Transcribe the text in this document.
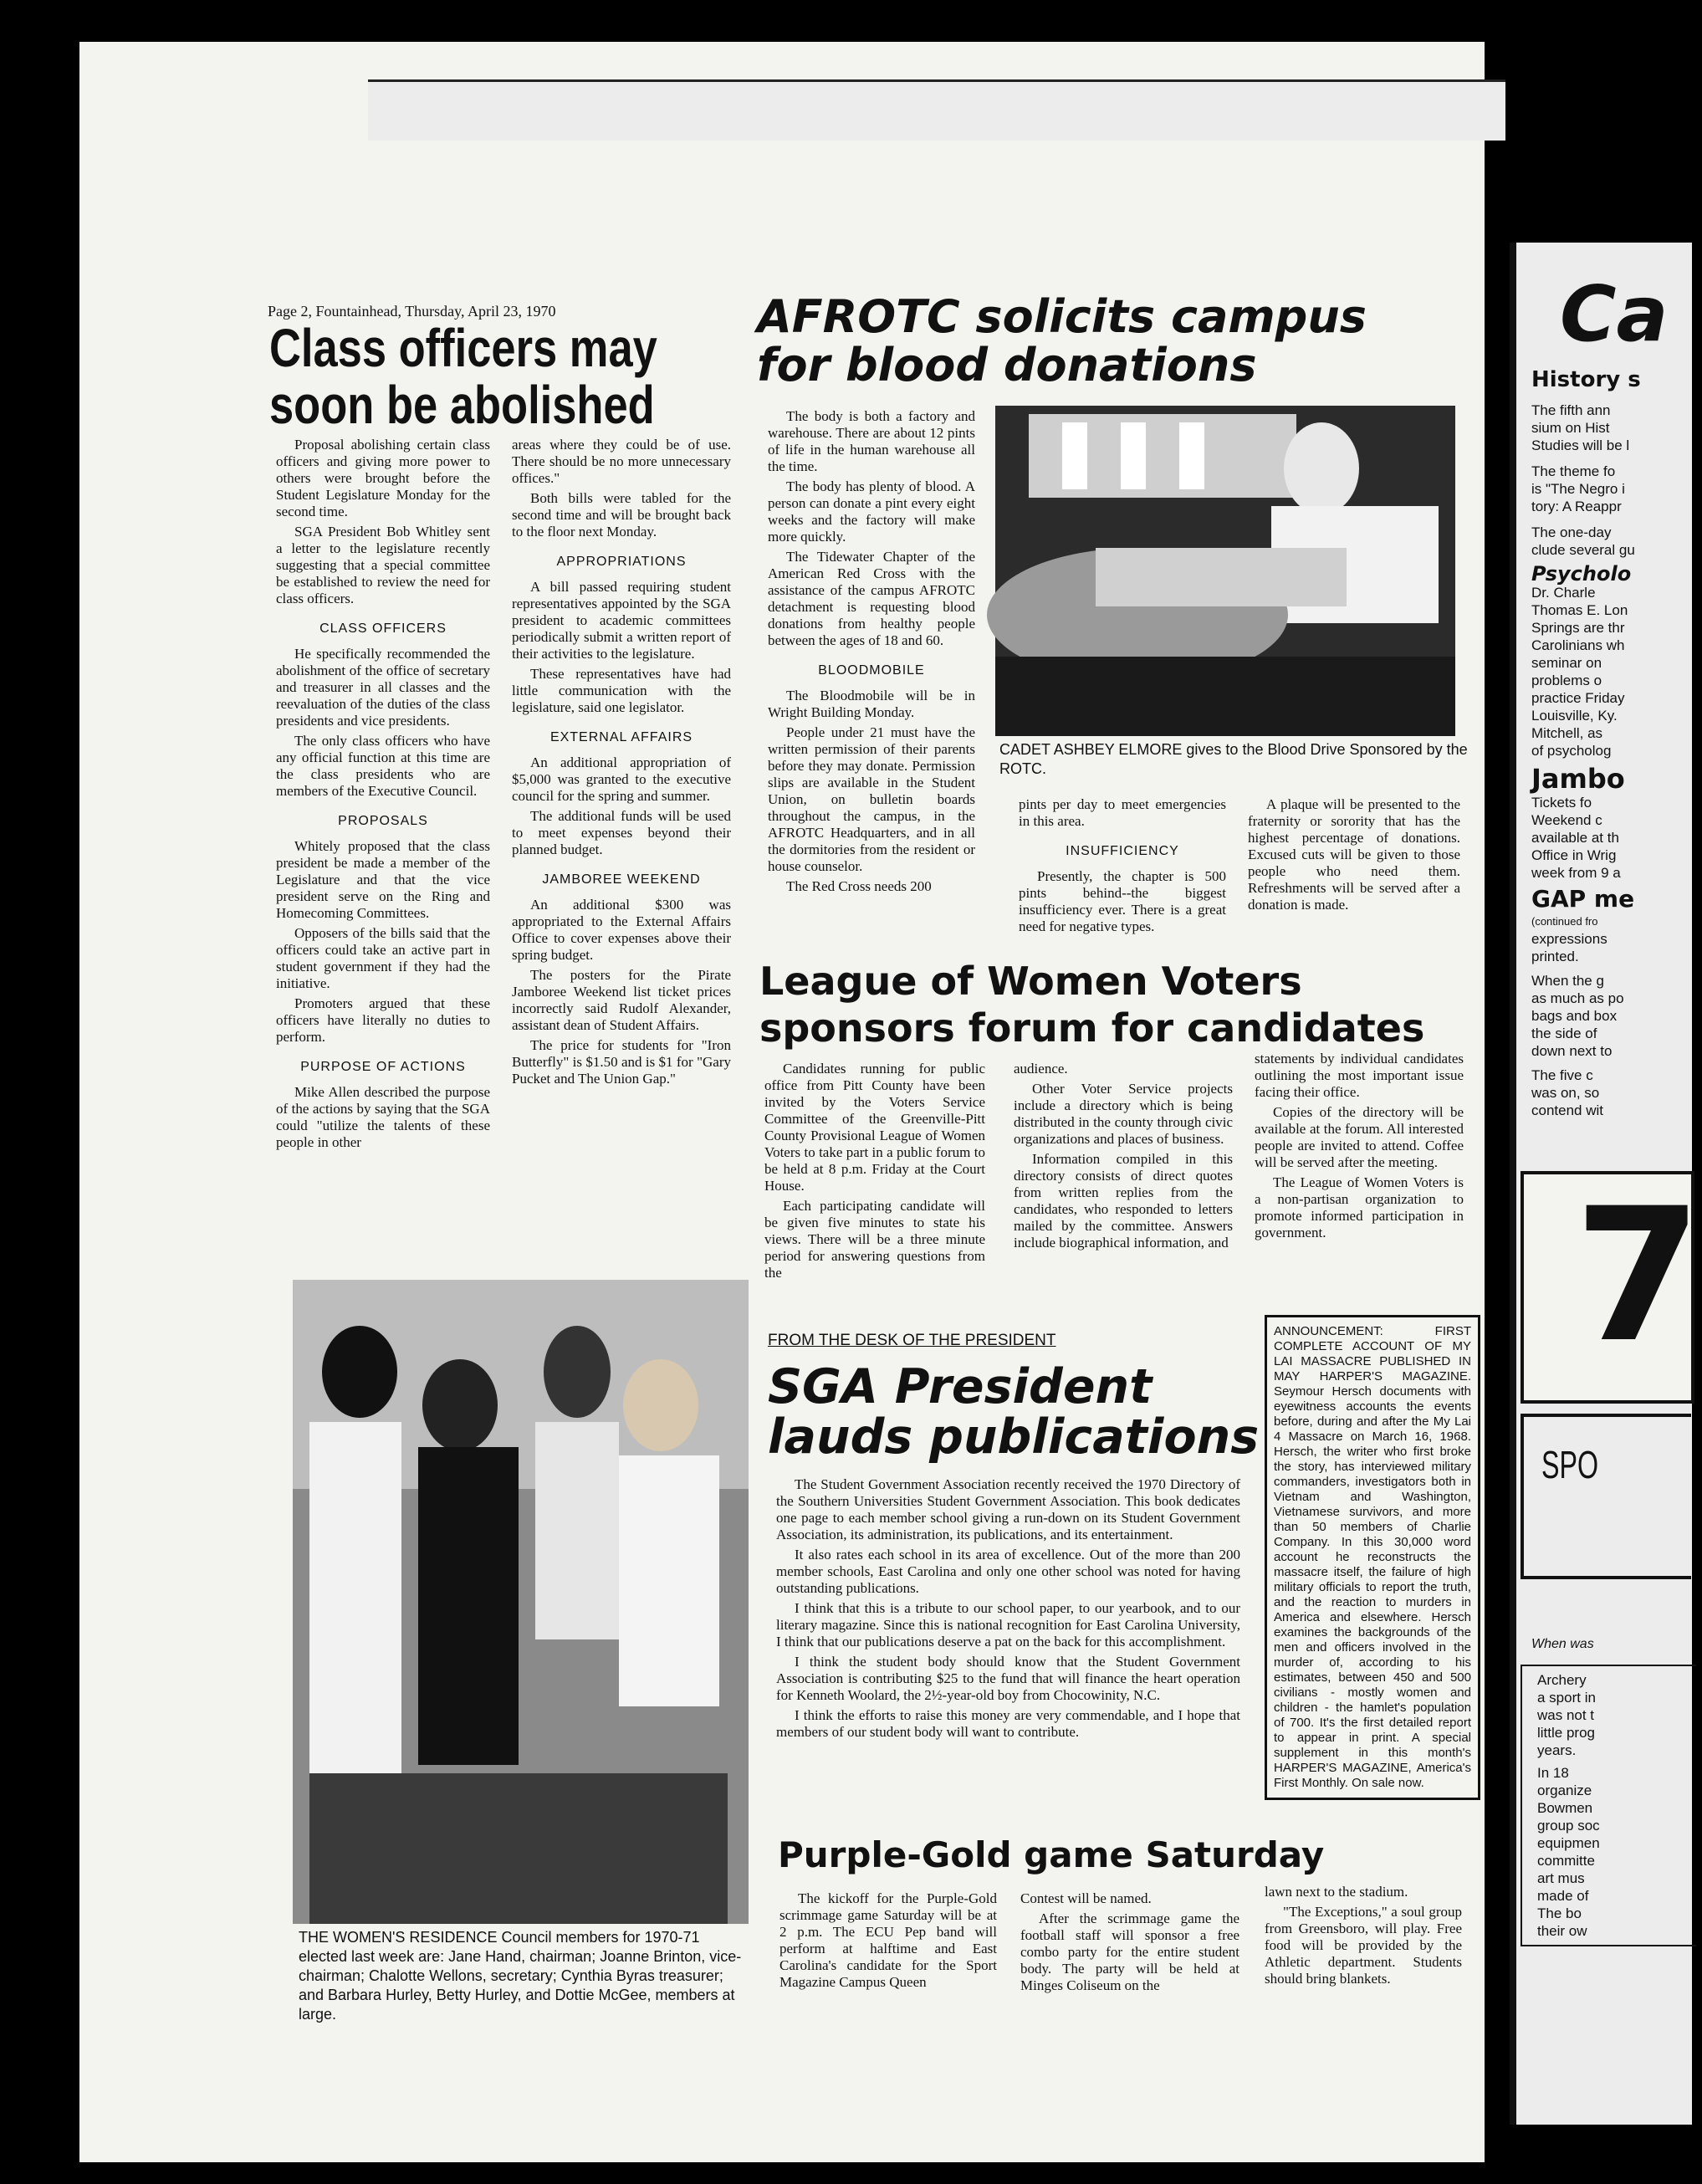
Page 2, Fountainhead, Thursday, April 23, 1970
Class officers may soon be abolished

Proposal abolishing certain class officers and giving more power to others were brought before the Student Legislature Monday for the second time.

SGA President Bob Whitley sent a letter to the legislature recently suggesting that a special committee be established to review the need for class officers.

CLASS OFFICERS

He specifically recommended the abolishment of the office of secretary and treasurer in all classes and the reevaluation of the duties of the class presidents and vice presidents.

The only class officers who have any official function at this time are the class presidents who are members of the Executive Council.

PROPOSALS

Whitely proposed that the class president be made a member of the Legislature and that the vice president serve on the Ring and Homecoming Committees.

Opposers of the bills said that the officers could take an active part in student government if they had the initiative.

Promoters argued that these officers have literally no duties to perform.

PURPOSE OF ACTIONS

Mike Allen described the purpose of the actions by saying that the SGA could "utilize the talents of these people in other

areas where they could be of use. There should be no more unnecessary offices."

Both bills were tabled for the second time and will be brought back to the floor next Monday.

APPROPRIATIONS

A bill passed requiring student representatives appointed by the SGA president to academic committees periodically submit a written report of their activities to the legislature.

These representatives have had little communication with the legislature, said one legislator.

EXTERNAL AFFAIRS

An additional appropriation of $5,000 was granted to the executive council for the spring and summer.

The additional funds will be used to meet expenses beyond their planned budget.

JAMBOREE WEEKEND

An additional $300 was appropriated to the External Affairs Office to cover expenses above their spring budget.

The posters for the Pirate Jamboree Weekend list ticket prices incorrectly said Rudolf Alexander, assistant dean of Student Affairs.

The price for students for "Iron Butterfly" is $1.50 and is $1 for "Gary Pucket and The Union Gap."

AFROTC solicits campus for blood donations

The body is both a factory and warehouse. There are about 12 pints of life in the human warehouse all the time.

The body has plenty of blood. A person can donate a pint every eight weeks and the factory will make more quickly.

The Tidewater Chapter of the American Red Cross with the assistance of the campus AFROTC detachment is requesting blood donations from healthy people between the ages of 18 and 60.

BLOODMOBILE

The Bloodmobile will be in Wright Building Monday.

People under 21 must have the written permission of their parents before they may donate. Permission slips are available in the Student Union, on bulletin boards throughout the campus, in the AFROTC Headquarters, and in all the dormitories from the resident or house counselor.

The Red Cross needs 200

CADET ASHBEY ELMORE gives to the Blood Drive Sponsored by the ROTC.

pints per day to meet emergencies in this area.

INSUFFICIENCY

Presently, the chapter is 500 pints behind--the biggest insufficiency ever. There is a great need for negative types.

A plaque will be presented to the fraternity or sorority that has the highest percentage of donations. Excused cuts will be given to those people who need them. Refreshments will be served after a donation is made.

League of Women Voters
sponsors forum for candidates

Candidates running for public office from Pitt County have been invited by the Voters Service Committee of the Greenville-Pitt County Provisional League of Women Voters to take part in a public forum to be held at 8 p.m. Friday at the Court House.

Each participating candidate will be given five minutes to state his views. There will be a three minute period for answering questions from the

audience.

Other Voter Service projects include a directory which is being distributed in the county through civic organizations and places of business.

Information compiled in this directory consists of direct quotes from written replies from the candidates, who responded to letters mailed by the committee. Answers include biographical information, and

statements by individual candidates outlining the most important issue facing their office.

Copies of the directory will be available at the forum. All interested people are invited to attend. Coffee will be served after the meeting.

The League of Women Voters is a non-partisan organization to promote informed participation in government.

THE WOMEN'S RESIDENCE Council members for 1970-71 elected last week are: Jane Hand, chairman; Joanne Brinton, vice-chairman; Chalotte Wellons, secretary; Cynthia Byras treasurer; and Barbara Hurley, Betty Hurley, and Dottie McGee, members at large.
FROM THE DESK OF THE PRESIDENT
SGA President
lauds publications

The Student Government Association recently received the 1970 Directory of the Southern Universities Student Government Association. This book dedicates one page to each member school giving a run-down on its Student Government Association, its administration, its publications, and its entertainment.

It also rates each school in its area of excellence. Out of the more than 200 member schools, East Carolina and only one other school was noted for having outstanding publications.

I think that this is a tribute to our school paper, to our yearbook, and to our literary magazine. Since this is national recognition for East Carolina University, I think that our publications deserve a pat on the back for this accomplishment.

I think the student body should know that the Student Government Association is contributing $25 to the fund that will finance the heart operation for Kenneth Woolard, the 2½-year-old boy from Chocowinity, N.C.

I think the efforts to raise this money are very commendable, and I hope that members of our student body will want to contribute.

ANNOUNCEMENT: FIRST COMPLETE ACCOUNT OF MY LAI MASSACRE PUBLISHED IN MAY HARPER'S MAGAZINE. Seymour Hersch documents with eyewitness accounts the events before, during and after the My Lai 4 Massacre on March 16, 1968. Hersch, the writer who first broke the story, has interviewed military commanders, investigators both in Vietnam and Washington, Vietnamese survivors, and more than 50 members of Charlie Company. In this 30,000 word account he reconstructs the massacre itself, the failure of high military officials to report the truth, and the reaction to murders in America and elsewhere. Hersch examines the backgrounds of the men and officers involved in the murder of, according to his estimates, between 450 and 500 civilians - mostly women and children - the hamlet's population of 700. It's the first detailed report to appear in print. A special supplement in this month's HARPER'S MAGAZINE, America's First Monthly. On sale now.
Purple-Gold game Saturday

The kickoff for the Purple-Gold scrimmage game Saturday will be at 2 p.m. The ECU Pep band will perform at halftime and East Carolina's candidate for the Sport Magazine Campus Queen

Contest will be named.

After the scrimmage game the football staff will sponsor a free combo party for the entire student body. The party will be held at Minges Coliseum on the

lawn next to the stadium.

"The Exceptions," a soul group from Greensboro, will play. Free food will be provided by the Athletic department. Students should bring blankets.

Ca
History s
The fifth ann
sium on Hist
Studies will be l
The theme fo
is "The Negro i
tory: A Reappr
The one-day
clude several gu
Psycholo
Dr. Charle
Thomas E. Lon
Springs are thr
Carolinians wh
seminar on
problems o
practice Friday
Louisville, Ky.
Mitchell, as
of psycholog
Jambo
Tickets fo
Weekend c
available at th
Office in Wrig
week from 9 a
GAP me
(continued fro
expressions
printed.
When the g
as much as po
bags and box
the side of
down next to
The five c
was on, so
contend wit
7
SPO
When was
Archery
a sport in
was not t
little prog
years.
In 18
organize
Bowmen
group soc
equipmen
committe
art mus
made of
The bo
their ow
